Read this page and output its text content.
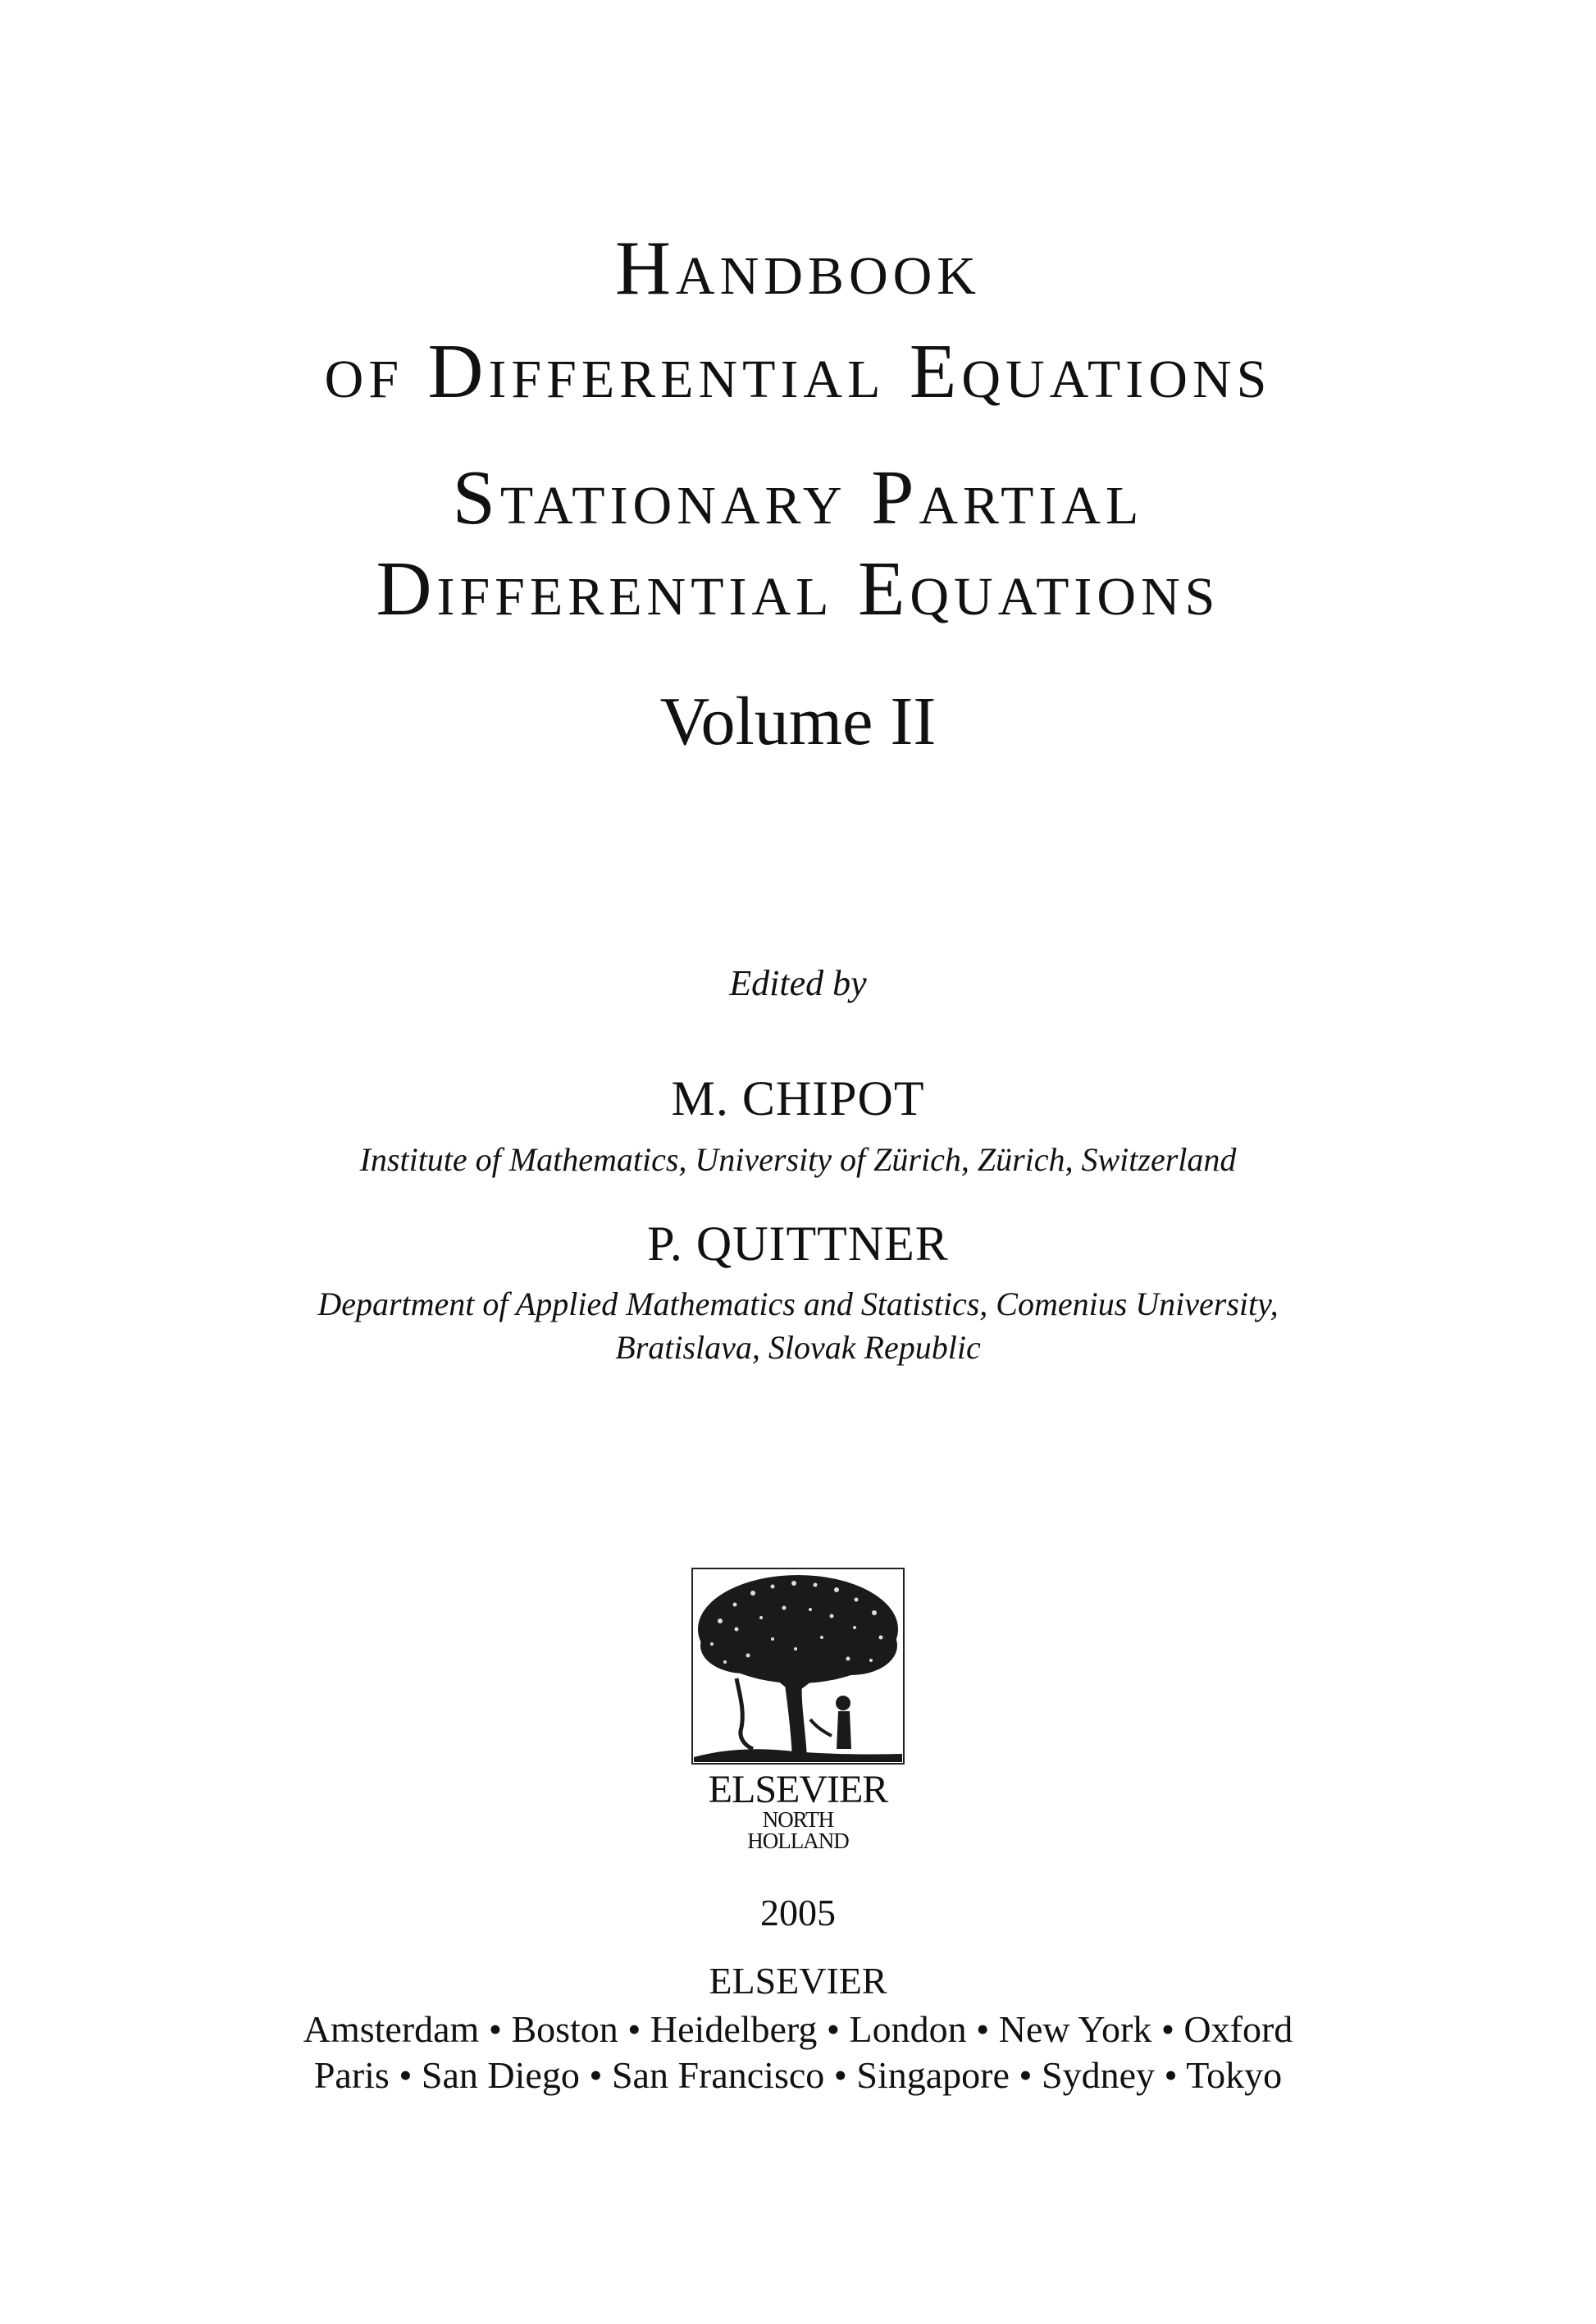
Handbook
of Differential Equations
Stationary Partial
Differential Equations
Volume II
Edited by
M. CHIPOT
Institute of Mathematics, University of Zürich, Zürich, Switzerland
P. QUITTNER
Department of Applied Mathematics and Statistics, Comenius University,
Bratislava, Slovak Republic
ELSEVIER
NORTH
HOLLAND
2005
ELSEVIER
Amsterdam • Boston • Heidelberg • London • New York • Oxford
Paris • San Diego • San Francisco • Singapore • Sydney • Tokyo
